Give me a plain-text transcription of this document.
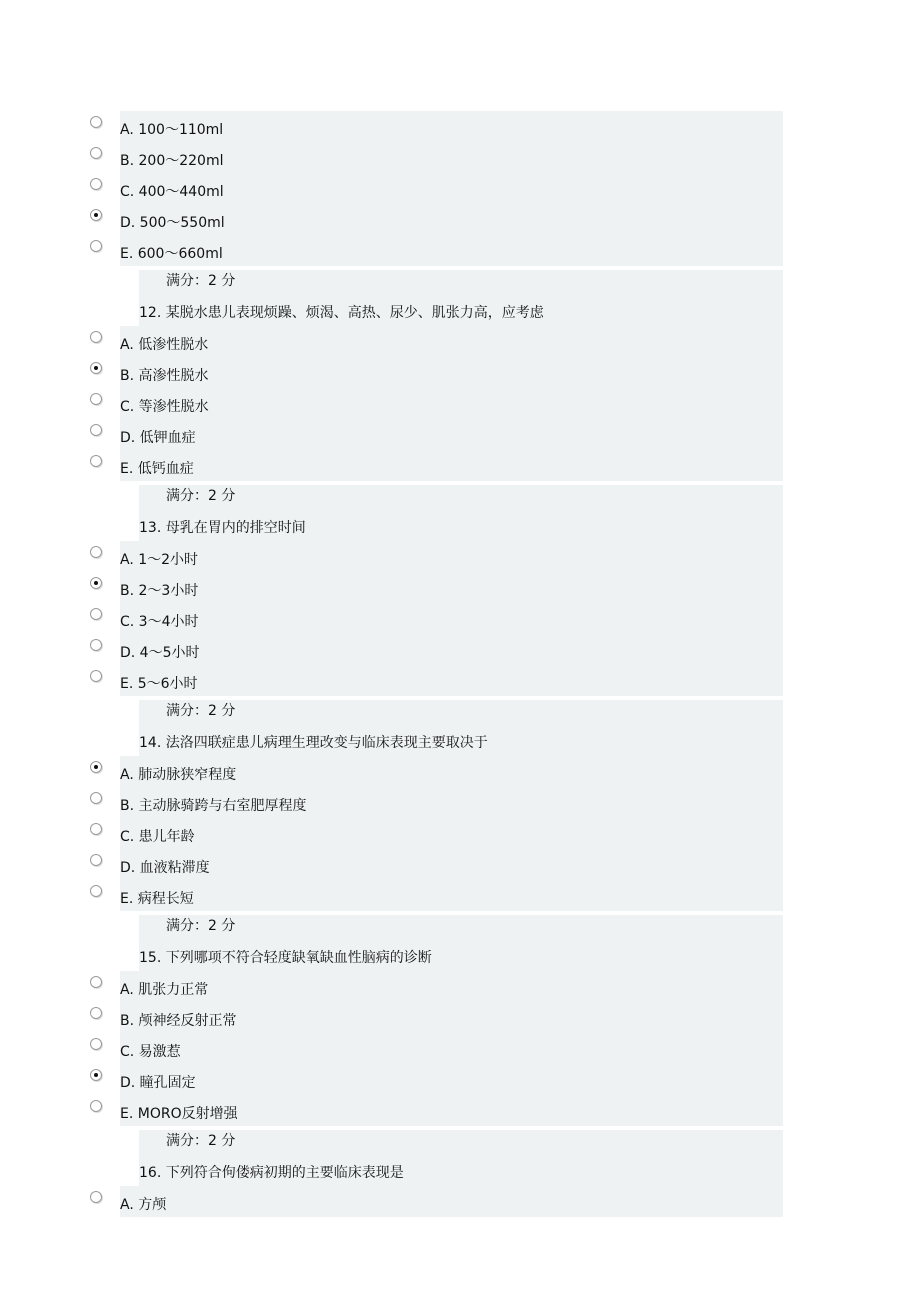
A. 100～110ml
B. 200～220ml
C. 400～440ml
D. 500～550ml
E. 600～660ml
满分：2 分
12. 某脱水患儿表现烦躁、烦渴、高热、尿少、肌张力高，应考虑
A. 低渗性脱水
B. 高渗性脱水
C. 等渗性脱水
D. 低钾血症
E. 低钙血症
满分：2 分
13. 母乳在胃内的排空时间
A. 1～2小时
B. 2～3小时
C. 3～4小时
D. 4～5小时
E. 5～6小时
满分：2 分
14. 法洛四联症患儿病理生理改变与临床表现主要取决于
A. 肺动脉狭窄程度
B. 主动脉骑跨与右室肥厚程度
C. 患儿年龄
D. 血液粘滞度
E. 病程长短
满分：2 分
15. 下列哪项不符合轻度缺氧缺血性脑病的诊断
A. 肌张力正常
B. 颅神经反射正常
C. 易激惹
D. 瞳孔固定
E. MORO反射增强
满分：2 分
16. 下列符合佝偻病初期的主要临床表现是
A. 方颅
